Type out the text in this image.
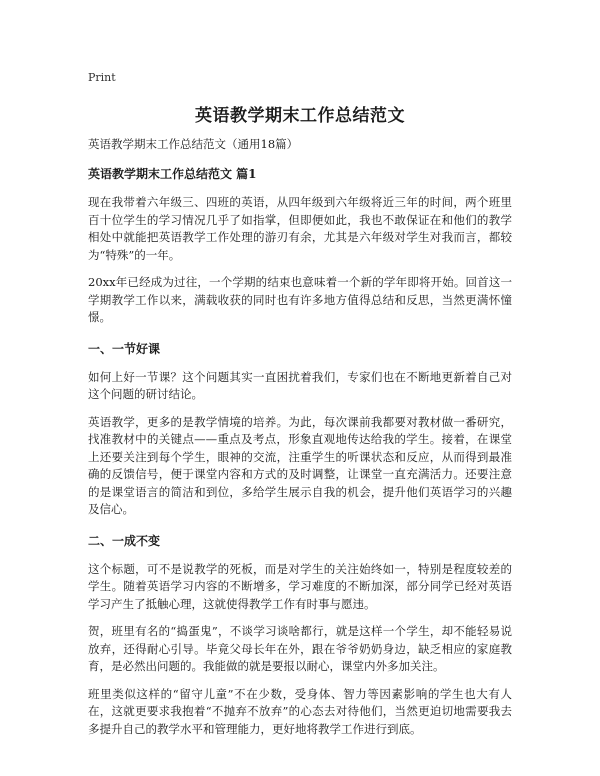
Print
英语教学期末工作总结范文
英语教学期末工作总结范文（通用18篇）
英语教学期末工作总结范文 篇1

现在我带着六年级三、四班的英语，从四年级到六年级将近三年的时间，两个班里百十位学生的学习情况几乎了如指掌，但即便如此，我也不敢保证在和他们的教学相处中就能把英语教学工作处理的游刃有余，尤其是六年级对学生对我而言，都较为“特殊”的一年。

20xx年已经成为过往，一个学期的结束也意味着一个新的学年即将开始。回首这一学期教学工作以来，满载收获的同时也有许多地方值得总结和反思，当然更满怀憧憬。

一、一节好课

如何上好一节课？这个问题其实一直困扰着我们，专家们也在不断地更新着自己对这个问题的研讨结论。

英语教学，更多的是教学情境的培养。为此，每次课前我都要对教材做一番研究，找准教材中的关键点——重点及考点，形象直观地传达给我的学生。接着，在课堂上还要关注到每个学生，眼神的交流，注重学生的听课状态和反应，从而得到最准确的反馈信号，便于课堂内容和方式的及时调整，让课堂一直充满活力。还要注意的是课堂语言的简洁和到位，多给学生展示自我的机会，提升他们英语学习的兴趣及信心。

二、一成不变

这个标题，可不是说教学的死板，而是对学生的关注始终如一，特别是程度较差的学生。随着英语学习内容的不断增多，学习难度的不断加深，部分同学已经对英语学习产生了抵触心理，这就使得教学工作有时事与愿违。

贺，班里有名的“捣蛋鬼”，不谈学习谈啥都行，就是这样一个学生，却不能轻易说放弃，还得耐心引导。毕竟父母长年在外，跟在爷爷奶奶身边，缺乏相应的家庭教育，是必然出问题的。我能做的就是要报以耐心，课堂内外多加关注。

班里类似这样的“留守儿童”不在少数，受身体、智力等因素影响的学生也大有人在，这就更要求我抱着“不抛弃不放弃”的心态去对待他们，当然更迫切地需要我去多提升自己的教学水平和管理能力，更好地将教学工作进行到底。
